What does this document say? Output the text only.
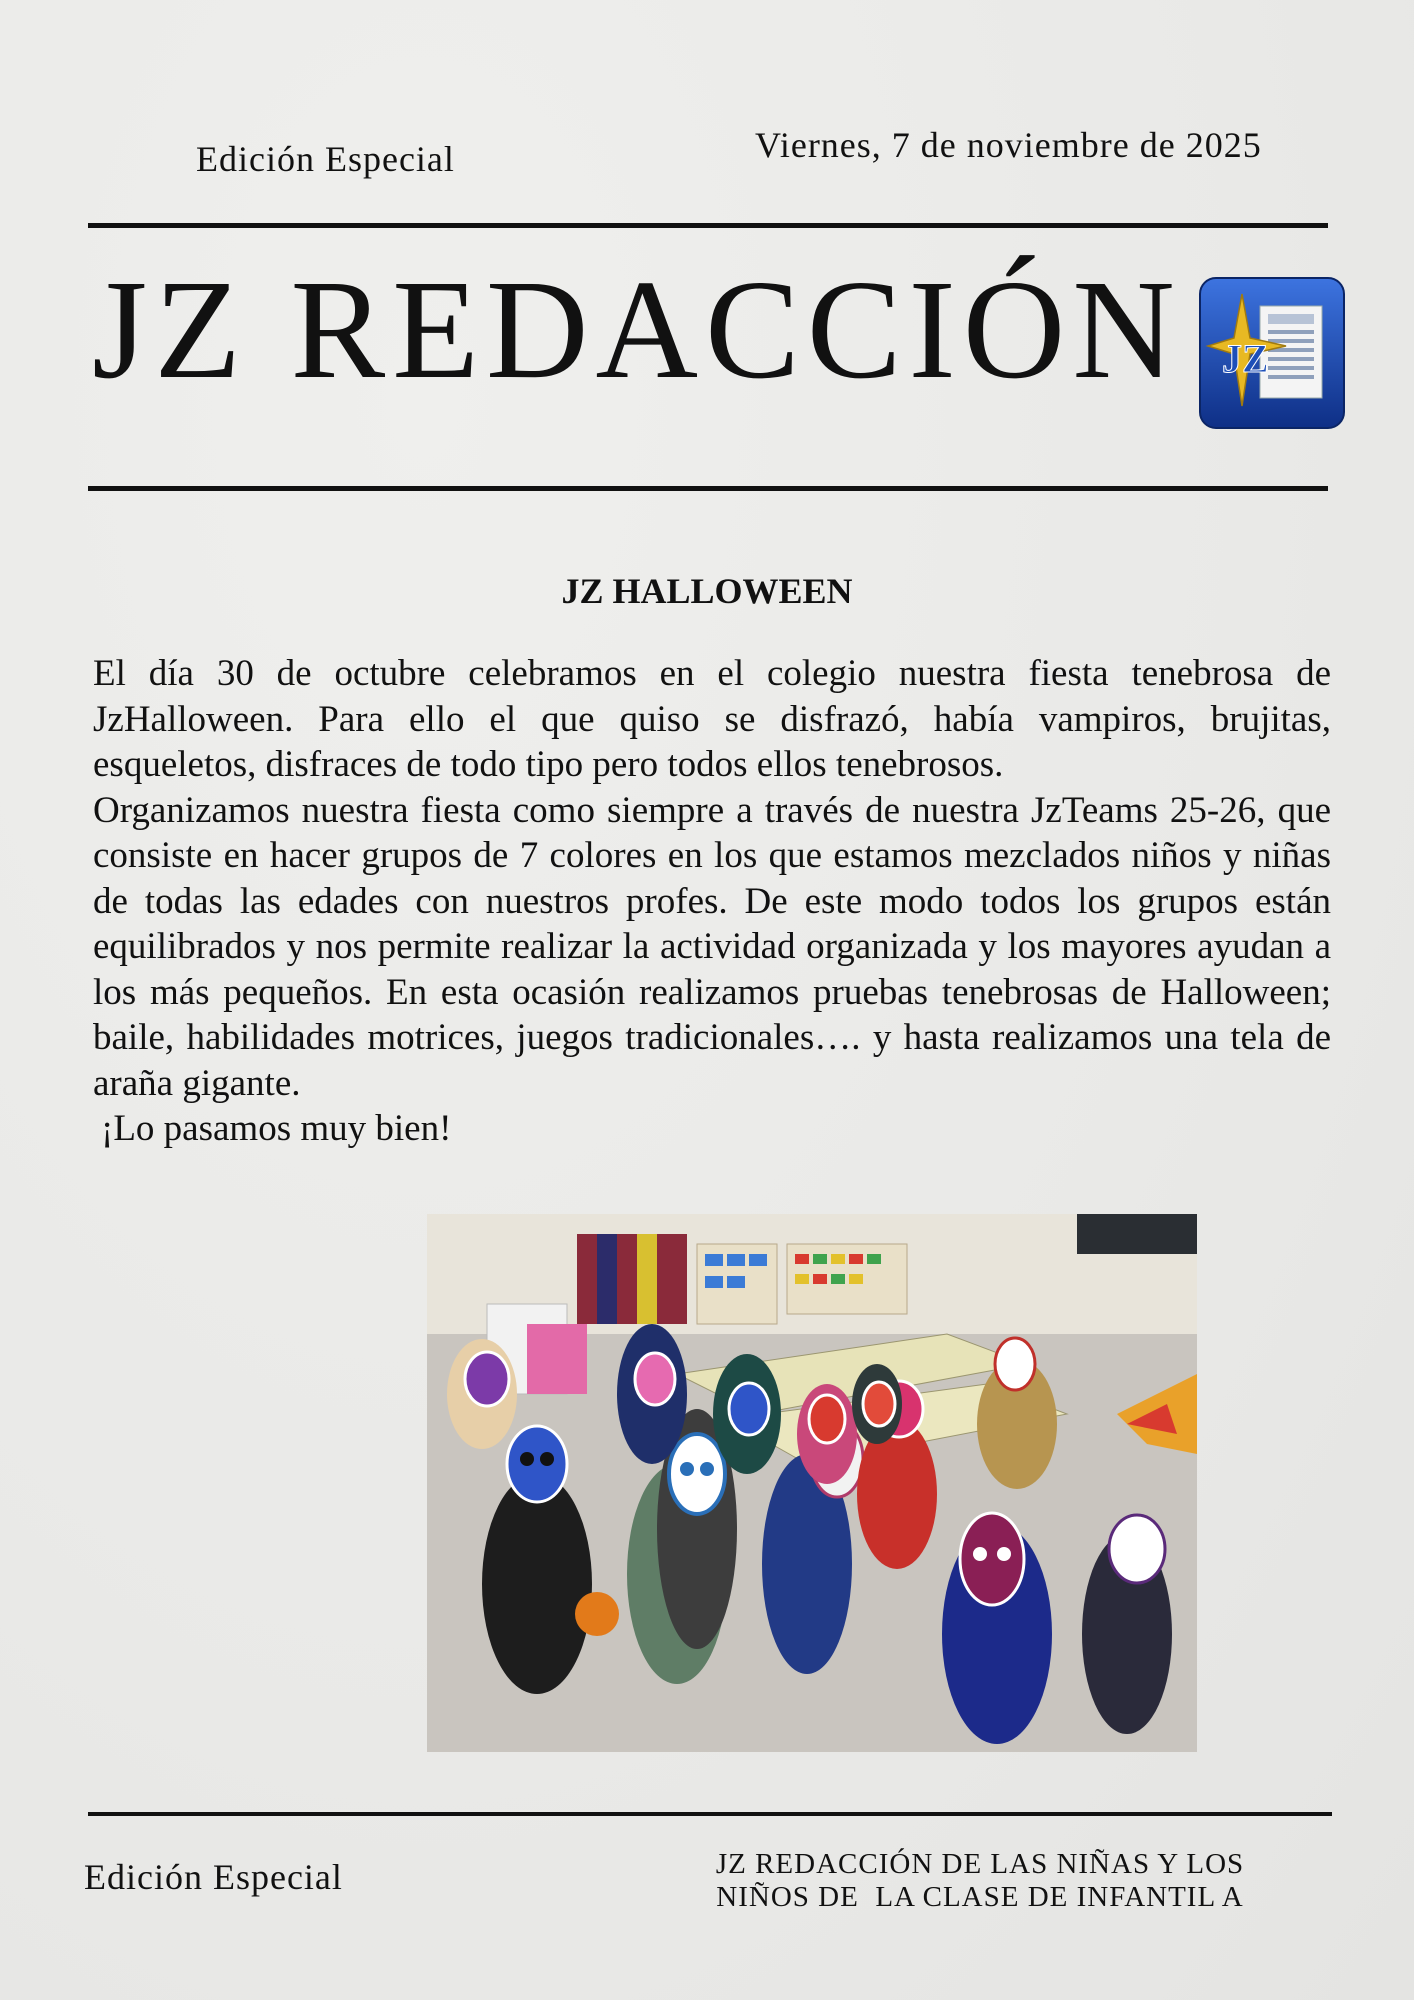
Edición Especial	Viernes, 7 de noviembre de 2025
JZ REDACCIÓN JZ
JZ HALLOWEEN

El día 30 de octubre celebramos en el colegio nuestra fiesta tenebrosa de JzHalloween. Para ello el que quiso se disfrazó, había vampiros, brujitas, esqueletos, disfraces de todo tipo pero todos ellos tenebrosos.

Organizamos nuestra fiesta como siempre a través de nuestra JzTeams 25-26, que consiste en hacer grupos de 7 colores en los que estamos mezclados niños y niñas de todas las edades con nuestros profes. De este modo todos los grupos están equilibrados y nos permite realizar la actividad organizada y los mayores ayudan a los más pequeños. En esta ocasión realizamos pruebas tenebrosas de Halloween; baile, habilidades motrices, juegos tradicionales…. y hasta realizamos una tela de araña gigante.

¡Lo pasamos muy bien!

Edición Especial	JZ REDACCIÓN DE LAS NIÑAS Y LOS
NIÑOS DE  LA CLASE DE INFANTIL A
